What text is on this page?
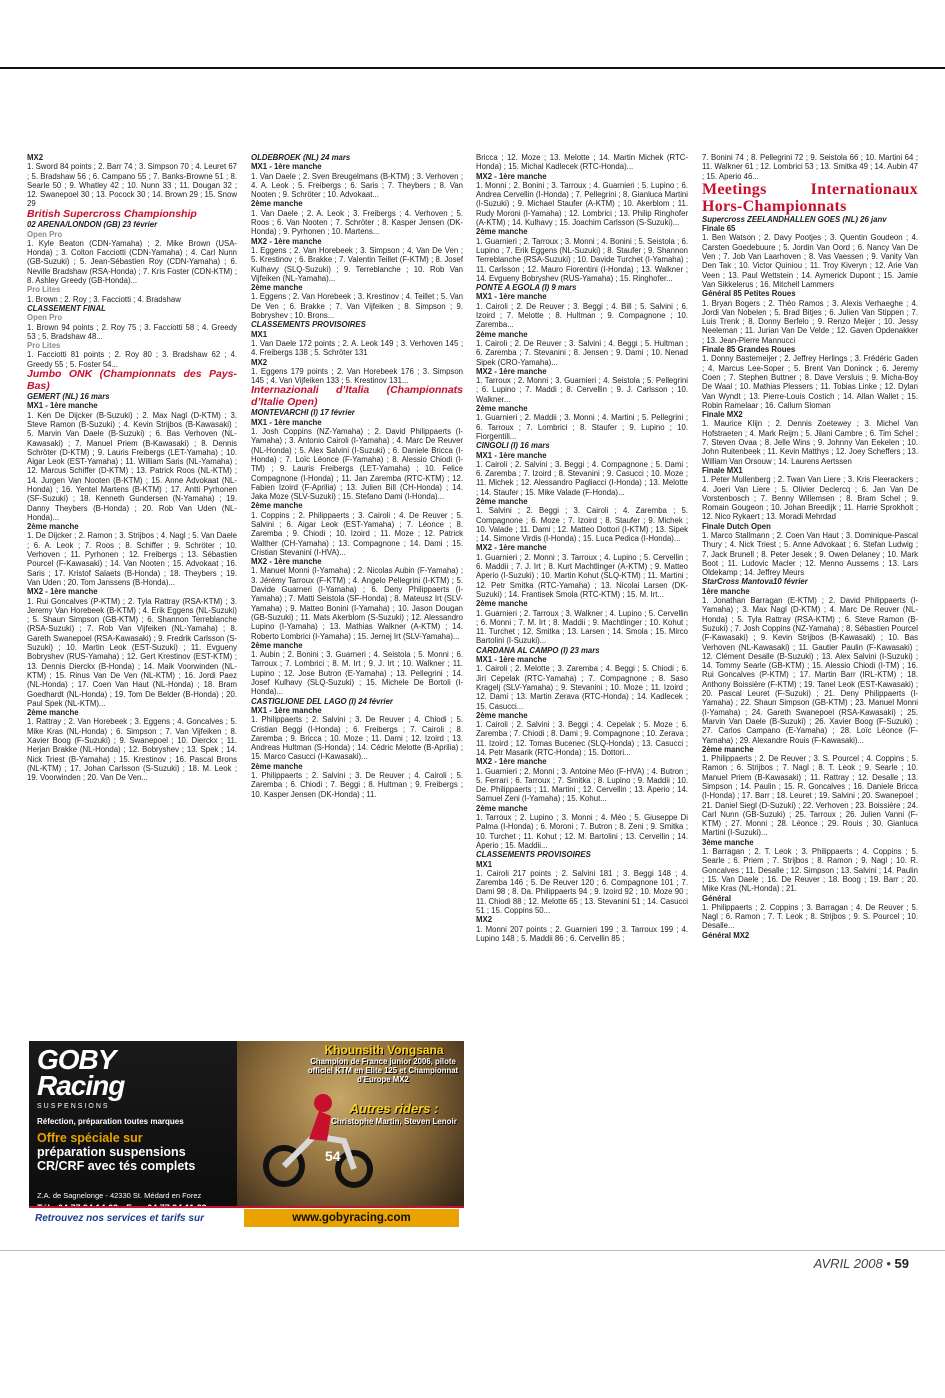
MX2

1. Sword 84 points ; 2. Barr 74 ; 3. Simpson 70 ; 4. Leuret 67 ; 5. Bradshaw 56 ; 6. Campano 55 ; 7. Banks-Browne 51 ; 8. Searle 50 ; 9. Whatley 42 ; 10. Nunn 33 ; 11. Dougan 32 ; 12. Swanepoel 30 ; 13. Pocock 30 ; 14. Brown 29 ; 15. Snow 29

British Supercross Championship

02 ARENA/LONDON (GB) 23 février

Open Pro

1. Kyle Beaton (CDN-Yamaha) ; 2. Mike Brown (USA-Honda) ; 3. Colton Facciotti (CDN-Yamaha) ; 4. Carl Nunn (GB-Suzuki) ; 5. Jean-Sébastien Roy (CDN-Yamaha) ; 6. Neville Bradshaw (RSA-Honda) ; 7. Kris Foster (CDN-KTM) ; 8. Ashley Greedy (GB-Honda)...

Pro Lites

1. Brown ; 2. Roy ; 3. Facciotti ; 4. Bradshaw

CLASSEMENT FINAL

Open Pro

1. Brown 94 points ; 2. Roy 75 ; 3. Facciotti 58 ; 4. Greedy 53 ; 5. Bradshaw 48...

Pro Lites

1. Facciotti 81 points ; 2. Roy 80 ; 3. Bradshaw 62 ; 4. Greedy 55 ; 5. Foster 54...

Jumbo ONK (Championnats des Pays-Bas)

GEMERT (NL) 16 mars

MX1 - 1ère manche

1. Ken De Dijcker (B-Suzuki) ; 2. Max Nagl (D-KTM) ; 3. Steve Ramon (B-Suzuki) ; 4. Kevin Strijbos (B-Kawasaki) ; 5. Marvin Van Daele (B-Suzuki) ; 6. Bas Verhoven (NL-Kawasaki) ; 7. Manuel Priem (B-Kawasaki) ; 8. Dennis Schröter (D-KTM) ; 9. Lauris Freibergs (LET-Yamaha) ; 10. Aigar Leok (EST-Yamaha) ; 11. William Saris (NL-Yamaha) ; 12. Marcus Schiffer (D-KTM) ; 13. Patrick Roos (NL-KTM) ; 14. Jurgen Van Nooten (B-KTM) ; 15. Anne Advokaat (NL-Honda) ; 16. Yentel Martens (B-KTM) ; 17. Antti Pyrhonen (SF-Suzuki) ; 18. Kenneth Gundersen (N-Yamaha) ; 19. Danny Theybers (B-Honda) ; 20. Rob Van Uden (NL-Honda)...

2ème manche

1. De Dijcker ; 2. Ramon ; 3. Strijbos ; 4. Nagl ; 5. Van Daele ; 6. A. Leok ; 7. Roos ; 8. Schiffer ; 9. Schröter ; 10. Verhoven ; 11. Pyrhonen ; 12. Freibergs ; 13. Sébastien Pourcel (F-Kawasaki) ; 14. Van Nooten ; 15. Advokaat ; 16. Saris ; 17. Kristof Salaets (B-Honda) ; 18. Theybers ; 19. Van Uden ; 20. Tom Janssens (B-Honda)...

MX2 - 1ère manche

1. Rui Goncalves (P-KTM) ; 2. Tyla Rattray (RSA-KTM) ; 3. Jeremy Van Horebeek (B-KTM) ; 4. Erik Eggens (NL-Suzuki) ; 5. Shaun Simpson (GB-KTM) ; 6. Shannon Terreblanche (RSA-Suzuki) ; 7. Rob Van Vijfeiken (NL-Yamaha) ; 8. Gareth Swanepoel (RSA-Kawasaki) ; 9. Fredrik Carlsson (S-Suzuki) ; 10. Martin Leok (EST-Suzuki) ; 11. Evgueny Bobryshev (RUS-Yamaha) ; 12. Gert Krestinov (EST-KTM) ; 13. Dennis Dierckx (B-Honda) ; 14. Maik Voorwinden (NL-KTM) ; 15. Rinus Van De Ven (NL-KTM) ; 16. Jordi Paez (NL-Honda) ; 17. Coen Van Haut (NL-Honda) ; 18. Bram Goedhardt (NL-Honda) ; 19. Tom De Belder (B-Honda) ; 20. Paul Spek (NL-KTM)...

2ème manche

1. Rattray ; 2. Van Horebeek ; 3. Eggens ; 4. Goncalves ; 5. Mike Kras (NL-Honda) ; 6. Simpson ; 7. Van Vijfeiken ; 8. Xavier Boog (F-Suzuki) ; 9. Swanepoel ; 10. Dierckx ; 11. Herjan Brakke (NL-Honda) ; 12. Bobryshev ; 13. Spek ; 14. Nick Triest (B-Yamaha) ; 15. Krestinov ; 16. Pascal Brons (NL-KTM) ; 17. Johan Carlsson (S-Suzuki) ; 18. M. Leok ; 19. Voorwinden ; 20. Van De Ven...

OLDEBROEK (NL) 24 mars

MX1 - 1ère manche

1. Van Daele ; 2. Sven Breugelmans (B-KTM) ; 3. Verhoven ; 4. A. Leok ; 5. Freibergs ; 6. Saris ; 7. Theybers ; 8. Van Nooten ; 9. Schröter ; 10. Advokaat...

2ème manche

1. Van Daele ; 2. A. Leok ; 3. Freibergs ; 4. Verhoven ; 5. Roos ; 6. Van Nooten ; 7. Schröter ; 8. Kasper Jensen (DK-Honda) ; 9. Pyrhonen ; 10. Martens...

MX2 - 1ère manche

1. Eggens ; 2. Van Horebeek ; 3. Simpson ; 4. Van De Ven ; 5. Krestinov ; 6. Brakke ; 7. Valentin Teillet (F-KTM) ; 8. Josef Kulhavy (SLQ-Suzuki) ; 9. Terreblanche ; 10. Rob Van Vijfeiken (NL-Yamaha)...

2ème manche

1. Eggens ; 2. Van Horebeek ; 3. Krestinov ; 4. Teillet ; 5. Van De Ven ; 6. Brakke ; 7. Van Vijfeiken ; 8. Simpson ; 9. Bobryshev ; 10. Brons...

CLASSEMENTS PROVISOIRES

MX1

1. Van Daele 172 points ; 2. A. Leok 149 ; 3. Verhoven 145 ; 4. Freibergs 138 ; 5. Schröter 131

MX2

1. Eggens 179 points ; 2. Van Horebeek 176 ; 3. Simpson 145 ; 4. Van Vijfeiken 133 ; 5. Krestinov 131...

Internazionali d’Italia (Championnats d’Italie Open)

MONTEVARCHI (I) 17 février

MX1 - 1ère manche

1. Josh Coppins (NZ-Yamaha) ; 2. David Philippaerts (I-Yamaha) ; 3. Antonio Cairoli (I-Yamaha) ; 4. Marc De Reuver (NL-Honda) ; 5. Alex Salvini (I-Suzuki) ; 6. Daniele Bricca (I-Honda) ; 7. Loïc Léonce (F-Yamaha) ; 8. Alessio Chiodi (I-TM) ; 9. Lauris Freibergs (LET-Yamaha) ; 10. Felice Compagnone (I-Honda) ; 11. Jan Zaremba (RTC-KTM) ; 12. Fabien Izoird (F-Aprilia) ; 13. Julien Bill (CH-Honda) ; 14. Jaka Moze (SLV-Suzuki) ; 15. Stefano Dami (I-Honda)...

2ème manche

1. Coppins ; 2. Philippaerts ; 3. Cairoli ; 4. De Reuver ; 5. Salvini ; 6. Aigar Leok (EST-Yamaha) ; 7. Léonce ; 8. Zaremba ; 9. Chiodi ; 10. Izoird ; 11. Moze ; 12. Patrick Walther (CH-Yamaha) ; 13. Compagnone ; 14. Dami ; 15. Cristian Stevanini (I-HVA)...

MX2 - 1ère manche

1. Manuel Monni (I-Yamaha) ; 2. Nicolas Aubin (F-Yamaha) ; 3. Jérémy Tarroux (F-KTM) ; 4. Angelo Pellegrini (I-KTM) ; 5. Davide Guarneri (I-Yamaha) ; 6. Deny Philippaerts (I-Yamaha) ; 7. Matti Seistola (SF-Honda) ; 8. Mateusz Irt (SLV-Yamaha) ; 9. Matteo Bonini (I-Yamaha) ; 10. Jason Dougan (GB-Suzuki) ; 11. Mats Akerblom (S-Suzuki) ; 12. Alessandro Lupino (I-Yamaha) ; 13. Mathias Walkner (A-KTM) ; 14. Roberto Lombrici (I-Yamaha) ; 15. Jernej Irt (SLV-Yamaha)...

2ème manche

1. Aubin ; 2. Bonini ; 3. Guarneri ; 4. Seistola ; 5. Monni ; 6. Tarroux ; 7. Lombrici ; 8. M. Irt ; 9. J. Irt ; 10. Walkner ; 11. Lupino ; 12. Jose Butron (E-Yamaha) ; 13. Pellegrini ; 14. Josef Kulhavy (SLQ-Suzuki) ; 15. Michele De Bortoli (I-Honda)...

CASTIGLIONE DEL LAGO (I) 24 février

MX1 - 1ère manche

1. Philippaerts ; 2. Salvini ; 3. De Reuver ; 4. Chiodi ; 5. Cristian Beggi (I-Honda) ; 6. Freibergs ; 7. Cairoli ; 8. Zaremba ; 9. Bricca ; 10. Moze ; 11. Dami ; 12. Izoird ; 13. Andreas Hultman (S-Honda) ; 14. Cédric Melotte (B-Aprilia) ; 15. Marco Casucci (I-Kawasaki)...

2ème manche

1. Philippaerts ; 2. Salvini ; 3. De Reuver ; 4. Cairoli ; 5. Zaremba ; 6. Chiodi ; 7. Beggi ; 8. Hultman ; 9. Freibergs ; 10. Kasper Jensen (DK-Honda) ; 11.

Bricca ; 12. Moze ; 13. Melotte ; 14. Martin Michek (RTC-Honda) ; 15. Michal Kadlecek (RTC-Honda)...

MX2 - 1ère manche

1. Monni ; 2. Bonini ; 3. Tarroux ; 4. Guarnieri ; 5. Lupino ; 6. Andrea Cervellin (I-Honda) ; 7. Pellegrini ; 8. Gianluca Martini (I-Suzuki) ; 9. Michael Staufer (A-KTM) ; 10. Akerblom ; 11. Rudy Moroni (I-Yamaha) ; 12. Lombrici ; 13. Philip Ringhofer (A-KTM) ; 14. Kulhavy ; 15. Joachim Carlsson (S-Suzuki)...

2ème manche

1. Guarnieri ; 2. Tarroux ; 3. Monni ; 4. Bonini ; 5. Seistola ; 6. Lupino ; 7. Erik Eggens (NL-Suzuki) ; 8. Staufer ; 9. Shannon Terreblanche (RSA-Suzuki) ; 10. Davide Turchet (I-Yamaha) ; 11. Carlsson ; 12. Mauro Fiorentini (I-Honda) ; 13. Walkner ; 14. Evgueny Bobryshev (RUS-Yamaha) ; 15. Ringhofer...

PONTE A EGOLA (I) 9 mars

MX1 - 1ère manche

1. Cairoli ; 2. De Reuver ; 3. Beggi ; 4. Bill ; 5. Salvini ; 6. Izoird ; 7. Melotte ; 8. Hultman ; 9. Compagnone ; 10. Zaremba...

2ème manche

1. Cairoli ; 2. De Reuver ; 3. Salvini ; 4. Beggi ; 5. Hultman ; 6. Zaremba ; 7. Stevanini ; 8. Jensen ; 9. Dami ; 10. Nenad Sipek (CRO-Yamaha)...

MX2 - 1ère manche

1. Tarroux ; 2. Monni ; 3. Guarnieri ; 4. Seistola ; 5. Pellegrini ; 6. Lupino ; 7. Maddi ; 8. Cervellin ; 9. J. Carlsson ; 10. Walkner...

2ème manche

1. Guarnieri ; 2. Maddii ; 3. Monni ; 4. Martini ; 5. Pellegrini ; 6. Tarroux ; 7. Lombrici ; 8. Staufer ; 9. Lupino ; 10. Fiorgentili...

CINGOLI (I) 16 mars

MX1 - 1ère manche

1. Cairoli ; 2. Salvini ; 3. Beggi ; 4. Compagnone ; 5. Dami ; 6. Zaremba ; 7. Izoird ; 8. Stevanini ; 9. Casucci ; 10. Moze ; 11. Michek ; 12. Alessandro Pagliacci (I-Honda) ; 13. Melotte ; 14. Staufer ; 15. Mike Valade (F-Honda)...

2ème manche

1. Salvini ; 2. Beggi ; 3. Cairoli ; 4. Zaremba ; 5. Compagnone ; 6. Moze ; 7. Izoird ; 8. Staufer ; 9. Michek ; 10. Valade ; 11. Dami ; 12. Matteo Dottori (I-KTM) ; 13. Sipek ; 14. Simone Virdis (I-Honda) ; 15. Luca Pedica (I-Honda)...

MX2 - 1ère manche

1. Guarnieri ; 2. Monni ; 3. Tarroux ; 4. Lupino ; 5. Cervellin ; 6. Maddii ; 7. J. Irt ; 8. Kurt Machtlinger (A-KTM) ; 9. Matteo Aperio (I-Suzuki) ; 10. Martin Kohut (SLQ-KTM) ; 11. Martini ; 12. Petr Smitka (RTC-Yamaha) ; 13. Nicolai Larsen (DK-Suzuki) ; 14. Frantisek Smola (RTC-KTM) ; 15. M. Irt...

2ème manche

1. Guarnieri ; 2. Tarroux ; 3. Walkner ; 4. Lupino ; 5. Cervellin ; 6. Monni ; 7. M. Irt ; 8. Maddii ; 9. Machtlinger ; 10. Kohut ; 11. Turchet ; 12. Smitka ; 13. Larsen ; 14. Smola ; 15. Mirco Bartolini (I-Suzuki)...

CARDANA AL CAMPO (I) 23 mars

MX1 - 1ère manche

1. Cairoli ; 2. Melotte ; 3. Zaremba ; 4. Beggi ; 5. Chiodi ; 6. Jiri Cepelak (RTC-Yamaha) ; 7. Compagnone ; 8. Saso Kragelj (SLV-Yamaha) ; 9. Stevanini ; 10. Moze ; 11. Izoird ; 12. Dami ; 13. Martin Zerava (RTC-Honda) ; 14. Kadlecek ; 15. Casucci...

2ème manche

1. Cairoli ; 2. Salvini ; 3. Beggi ; 4. Cepelak ; 5. Moze ; 6. Zaremba ; 7. Chiodi ; 8. Dami ; 9. Compagnone ; 10. Zerava ; 11. Izoird ; 12. Tomas Bucenec (SLQ-Honda) ; 13. Casucci ; 14. Petr Masarik (RTC-Honda) ; 15. Dottori...

MX2 - 1ère manche

1. Guarnieri ; 2. Monni ; 3. Antoine Méo (F-HVA) ; 4. Butron ; 5. Ferrari ; 6. Tarroux ; 7. Smitka ; 8. Lupino ; 9. Maddii ; 10. De. Philippaerts ; 11. Martini ; 12. Cervellin ; 13. Aperio ; 14. Samuel Zeni (I-Yamaha) ; 15. Kohut...

2ème manche

1. Tarroux ; 2. Lupino ; 3. Monni ; 4. Méo ; 5. Giuseppe Di Palma (I-Honda) ; 6. Moroni ; 7. Butron ; 8. Zeni ; 9. Smitka ; 10. Turchet ; 11. Kohut ; 12. M. Bartolini ; 13. Cervellin ; 14. Aperio ; 15. Maddii...

CLASSEMENTS PROVISOIRES

MX1

1. Cairoli 217 points ; 2. Salvini 181 ; 3. Beggi 148 ; 4. Zaremba 146 ; 5. De Reuver 120 ; 6. Compagnone 101 ; 7. Dami 98 ; 8. Da. Philippaerts 94 ; 9. Izoird 92 ; 10. Moze 90 ; 11. Chiodi 88 ; 12. Melotte 65 ; 13. Stevanini 51 ; 14. Casucci 51 ; 15. Coppins 50...

MX2

1. Monni 207 points ; 2. Guarnieri 199 ; 3. Tarroux 199 ; 4. Lupino 148 ; 5. Maddii 86 ; 6. Cervellin 85 ;

7. Bonini 74 ; 8. Pellegrini 72 ; 9. Seistola 66 ; 10. Martini 64 ; 11. Walkner 61 ; 12. Lombrici 53 ; 13. Smitka 49 ; 14. Aubin 47 ; 15. Aperio 46...

Meetings Internationaux Hors-Championnats

Supercross ZEELANDHALLEN GOES (NL) 26 janv

Finale 65

1. Ben Watson ; 2. Davy Pootjes ; 3. Quentin Goudeon ; 4. Carsten Goedebuure ; 5. Jordin Van Oord ; 6. Nancy Van De Ven ; 7. Job Van Laarhoven ; 8. Vas Vaessen ; 9. Vanity Van Den Tak ; 10. Victor Quiniou ; 11. Troy Kiveryn ; 12. Arie Van Veen ; 13. Paul Wettstein ; 14. Aymerick Dupont ; 15. Jamie Van Sikkelerus ; 16. Mitchell Lammers

Général 85 Petites Roues

1. Bryan Bogers ; 2. Théo Ramos ; 3. Alexis Verhaeghe ; 4. Jordi Van Nobelen ; 5. Brad Bitjes ; 6. Julien Van Stippen ; 7. Luis Trenk ; 8. Donny Berfelo ; 9. Renzo Meijer ; 10. Jessy Neeleman ; 11. Jurian Van De Velde ; 12. Gaven Opdenakker ; 13. Jean-Pierre Mannucci

Finale 85 Grandes Roues

1. Donny Bastemeijer ; 2. Jeffrey Herlings ; 3. Frédéric Gaden ; 4. Marcus Lee-Soper ; 5. Brent Van Doninck ; 6. Jeremy Coen ; 7. Stephen Buttner ; 8. Dave Versluis ; 9. Micha-Boy De Waal ; 10. Mathias Plessers ; 11. Tobias Linke ; 12. Dylan Van Wyndt ; 13. Pierre-Louis Costich ; 14. Allan Wallet ; 15. Robin Ramelaar ; 16. Callum Sloman

Finale MX2

1. Maurice Klijn ; 2. Dennis Zoetewey ; 3. Michel Van Hofstraeten ; 4. Mark Reijm ; 5. Jilani Cambre ; 6. Tim Schel ; 7. Steven Ovaa ; 8. Jelle Wins ; 9. Johnny Van Eekelen ; 10. John Ruitenbeek ; 11. Kevin Matthys ; 12. Joey Scheffers ; 13. William Van Orsouw ; 14. Laurens Aertssen

Finale MX1

1. Peter Mullenberg ; 2. Twan Van Liere ; 3. Kris Fleerackers ; 4. Joeri Van Liere ; 5. Olivier Declercq ; 6. Jan Van De Vorstenbosch ; 7. Benny Willemsen ; 8. Bram Schel ; 9. Romain Gougeon ; 10. Johan Breedijk ; 11. Harrie Sprokholt ; 12. Nico Rykaert ; 13. Moradi Mehrdad

Finale Dutch Open

1. Marco Stallmann ; 2. Coen Van Haut ; 3. Dominique-Pascal Thury ; 4. Nick Triest ; 5. Anne Advokaat ; 6. Stefan Ludwig ; 7. Jack Brunell ; 8. Peter Jesek ; 9. Owen Delaney ; 10. Mark Boot ; 11. Ludovic Macler ; 12. Menno Aussems ; 13. Lars Oldekamp ; 14. Jeffrey Meurs

StarCross Mantova10 février

1ère manche

1. Jonathan Barragan (E-KTM) ; 2. David Philippaerts (I-Yamaha) ; 3. Max Nagl (D-KTM) ; 4. Marc De Reuver (NL-Honda) ; 5. Tyla Rattray (RSA-KTM) ; 6. Steve Ramon (B-Suzuki) ; 7. Josh Coppins (NZ-Yamaha) ; 8. Sébastien Pourcel (F-Kawasaki) ; 9. Kevin Strijbos (B-Kawasaki) ; 10. Bas Verhoven (NL-Kawasaki) ; 11. Gautier Paulin (F-Kawasaki) ; 12. Clément Desalle (B-Suzuki) ; 13. Alex Salvini (I-Suzuki) ; 14. Tommy Searle (GB-KTM) ; 15. Alessio Chiodi (I-TM) ; 16. Rui Goncalves (P-KTM) ; 17. Martin Barr (IRL-KTM) ; 18. Anthony Boissière (F-KTM) ; 19. Tanel Leok (EST-Kawasaki) ; 20. Pascal Leuret (F-Suzuki) ; 21. Deny Philippaerts (I-Yamaha) ; 22. Shaun Simpson (GB-KTM) ; 23. Manuel Monni (I-Yamaha) ; 24. Gareth Swanepoel (RSA-Kawasaki) ; 25. Marvin Van Daele (B-Suzuki) ; 26. Xavier Boog (F-Suzuki) ; 27. Carlos Campano (E-Yamaha) ; 28. Loïc Léonce (F-Yamaha) ; 29. Alexandre Rouis (F-Kawasaki)...

2ème manche

1. Philippaerts ; 2. De Reuver ; 3. S. Pourcel ; 4. Coppins ; 5. Ramon ; 6. Strijbos ; 7. Nagl ; 8. T. Leok ; 9. Searle ; 10. Manuel Priem (B-Kawasaki) ; 11. Rattray ; 12. Desalle ; 13. Simpson ; 14. Paulin ; 15. R. Goncalves ; 16. Daniele Bricca (I-Honda) ; 17. Barr ; 18. Leuret ; 19. Salvini ; 20. Swanepoel ; 21. Daniel Siegl (D-Suzuki) ; 22. Verhoven ; 23. Boissière ; 24. Carl Nunn (GB-Suzuki) ; 25. Tarroux ; 26. Julien Vanni (F-KTM) ; 27. Monni ; 28. Léonce ; 29. Rouis ; 30. Gianluca Martini (I-Suzuki)...

3ème manche

1. Barragan ; 2. T. Leok ; 3. Philippaerts ; 4. Coppins ; 5. Searle ; 6. Priem ; 7. Strijbos ; 8. Ramon ; 9. Nagl ; 10. R. Goncalves ; 11. Desalle ; 12. Simpson ; 13. Salvini ; 14. Paulin ; 15. Van Daele ; 16. De Reuver ; 18. Boog ; 19. Barr ; 20. Mike Kras (NL-Honda) ; 21.

Général

1. Philippaerts ; 2. Coppins ; 3. Barragan ; 4. De Reuver ; 5. Nagl ; 6. Ramon ; 7. T. Leok ; 8. Strijbos ; 9. S. Pourcel ; 10. Desalle...

Général MX2

GOBY
Racing
SUSPENSIONS
Réfection, préparation toutes marques
Offre spéciale sur
préparation suspensions
CR/CRF avec tés complets
Z.A. de Sagnelonge - 42330 St. Médard en Forez
54
Khounsith Vongsana
Champion de France junior 2006, pilote officiel KTM en Elite 125 et Championnat d'Europe MX2
Autres riders :
Christophe Martin, Steven Lenoir
Retrouvez nos services et tarifs sur	www.gobyracing.com
AVRIL 2008 • 59
